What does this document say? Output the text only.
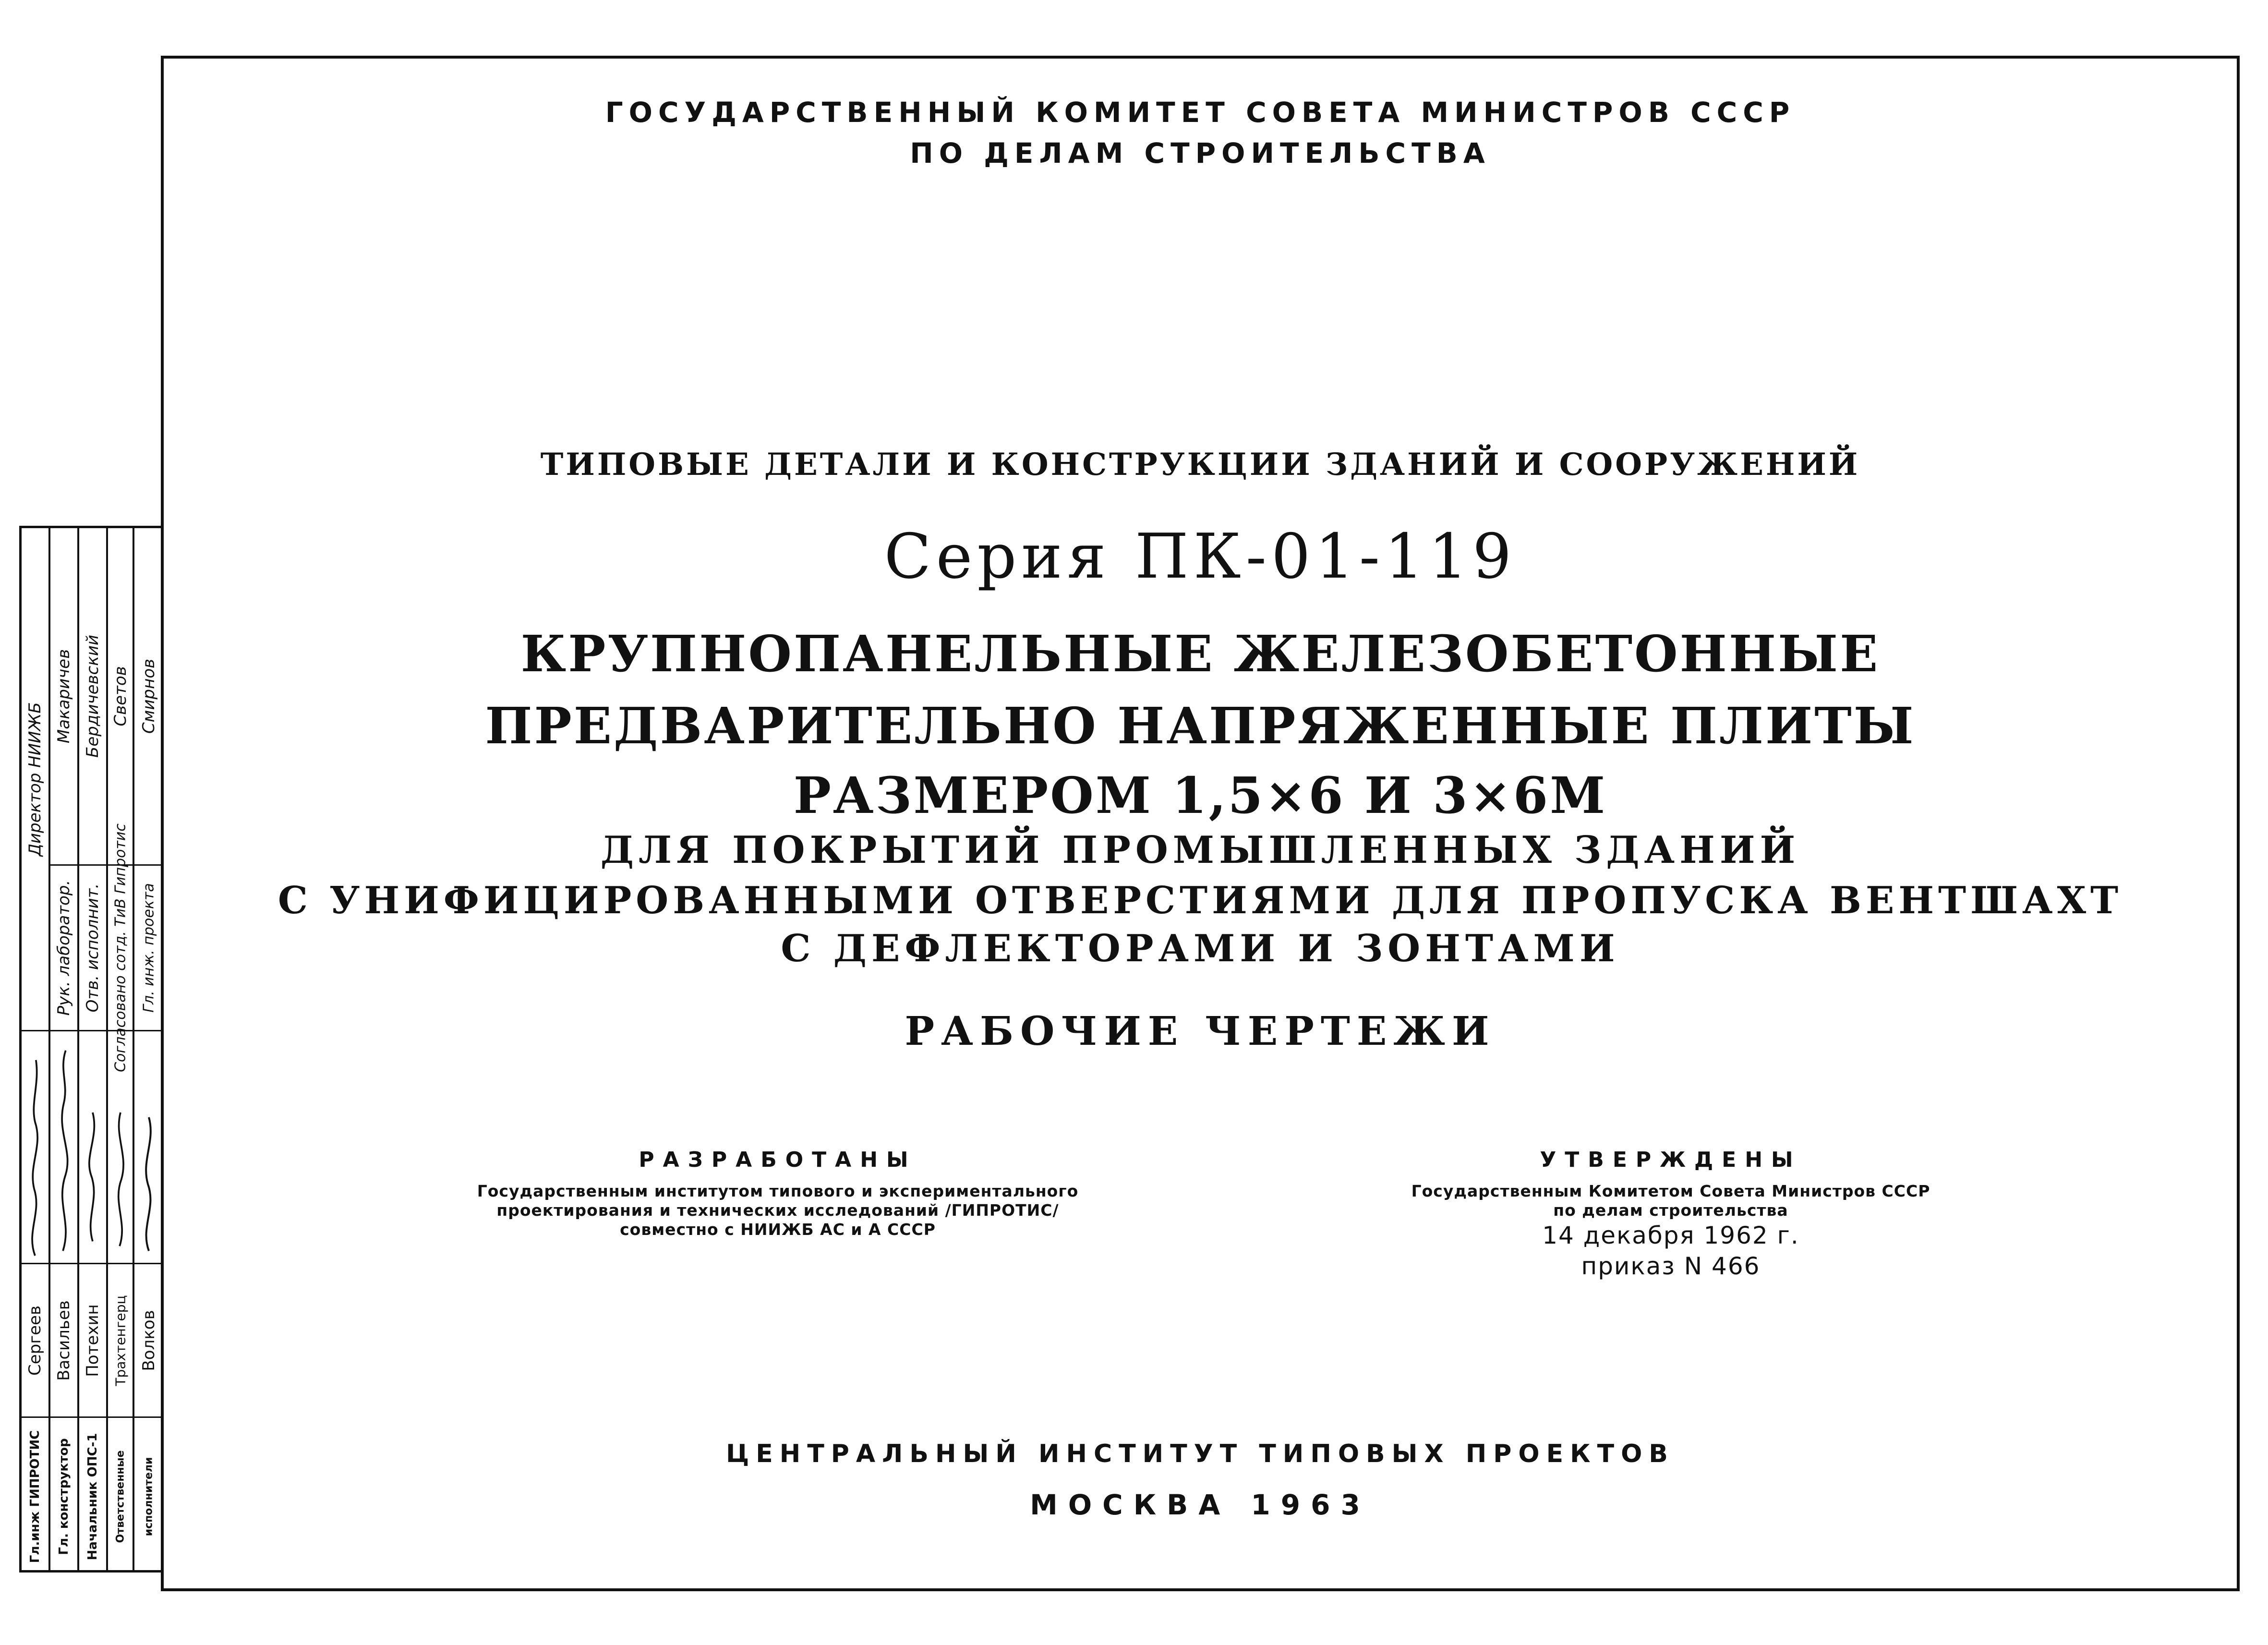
ГОСУДАРСТВЕННЫЙ КОМИТЕТ СОВЕТА МИНИСТРОВ СССР
ПО ДЕЛАМ СТРОИТЕЛЬСТВА
ТИПОВЫЕ ДЕТАЛИ И КОНСТРУКЦИИ ЗДАНИЙ И СООРУЖЕНИЙ
Серия ПК-01-119
КРУПНОПАНЕЛЬНЫЕ ЖЕЛЕЗОБЕТОННЫЕ
ПРЕДВАРИТЕЛЬНО НАПРЯЖЕННЫЕ ПЛИТЫ
РАЗМЕРОМ 1,5×6 И 3×6М
ДЛЯ ПОКРЫТИЙ ПРОМЫШЛЕННЫХ ЗДАНИЙ
С УНИФИЦИРОВАННЫМИ ОТВЕРСТИЯМИ ДЛЯ ПРОПУСКА ВЕНТШАХТ
С ДЕФЛЕКТОРАМИ И ЗОНТАМИ
РАБОЧИЕ ЧЕРТЕЖИ
РАЗРАБОТАНЫ
Государственным институтом типового и экспериментального
проектирования и технических исследований /ГИПРОТИС/
совместно с НИИЖБ АС и А СССР
УТВЕРЖДЕНЫ
Государственным Комитетом Совета Министров СССР
по делам строительства
14 декабря 1962 г.
приказ N 466
ЦЕНТРАЛЬНЫЙ ИНСТИТУТ ТИПОВЫХ ПРОЕКТОВ
МОСКВА 1963
Директор НИИЖБ
Сергеев
Гл.инж ГИПРОТИС
Макаричев
Рук. лаборатор.
Васильев
Гл. конструктор
Бердичевский
Отв. исполнит.
Потехин
Начальник ОПС-1
Светов
Согласовано сотд. ТиВ Гипротис
Трахтенгерц
Ответственные
Смирнов
Гл. инж. проекта
Волков
исполнители
